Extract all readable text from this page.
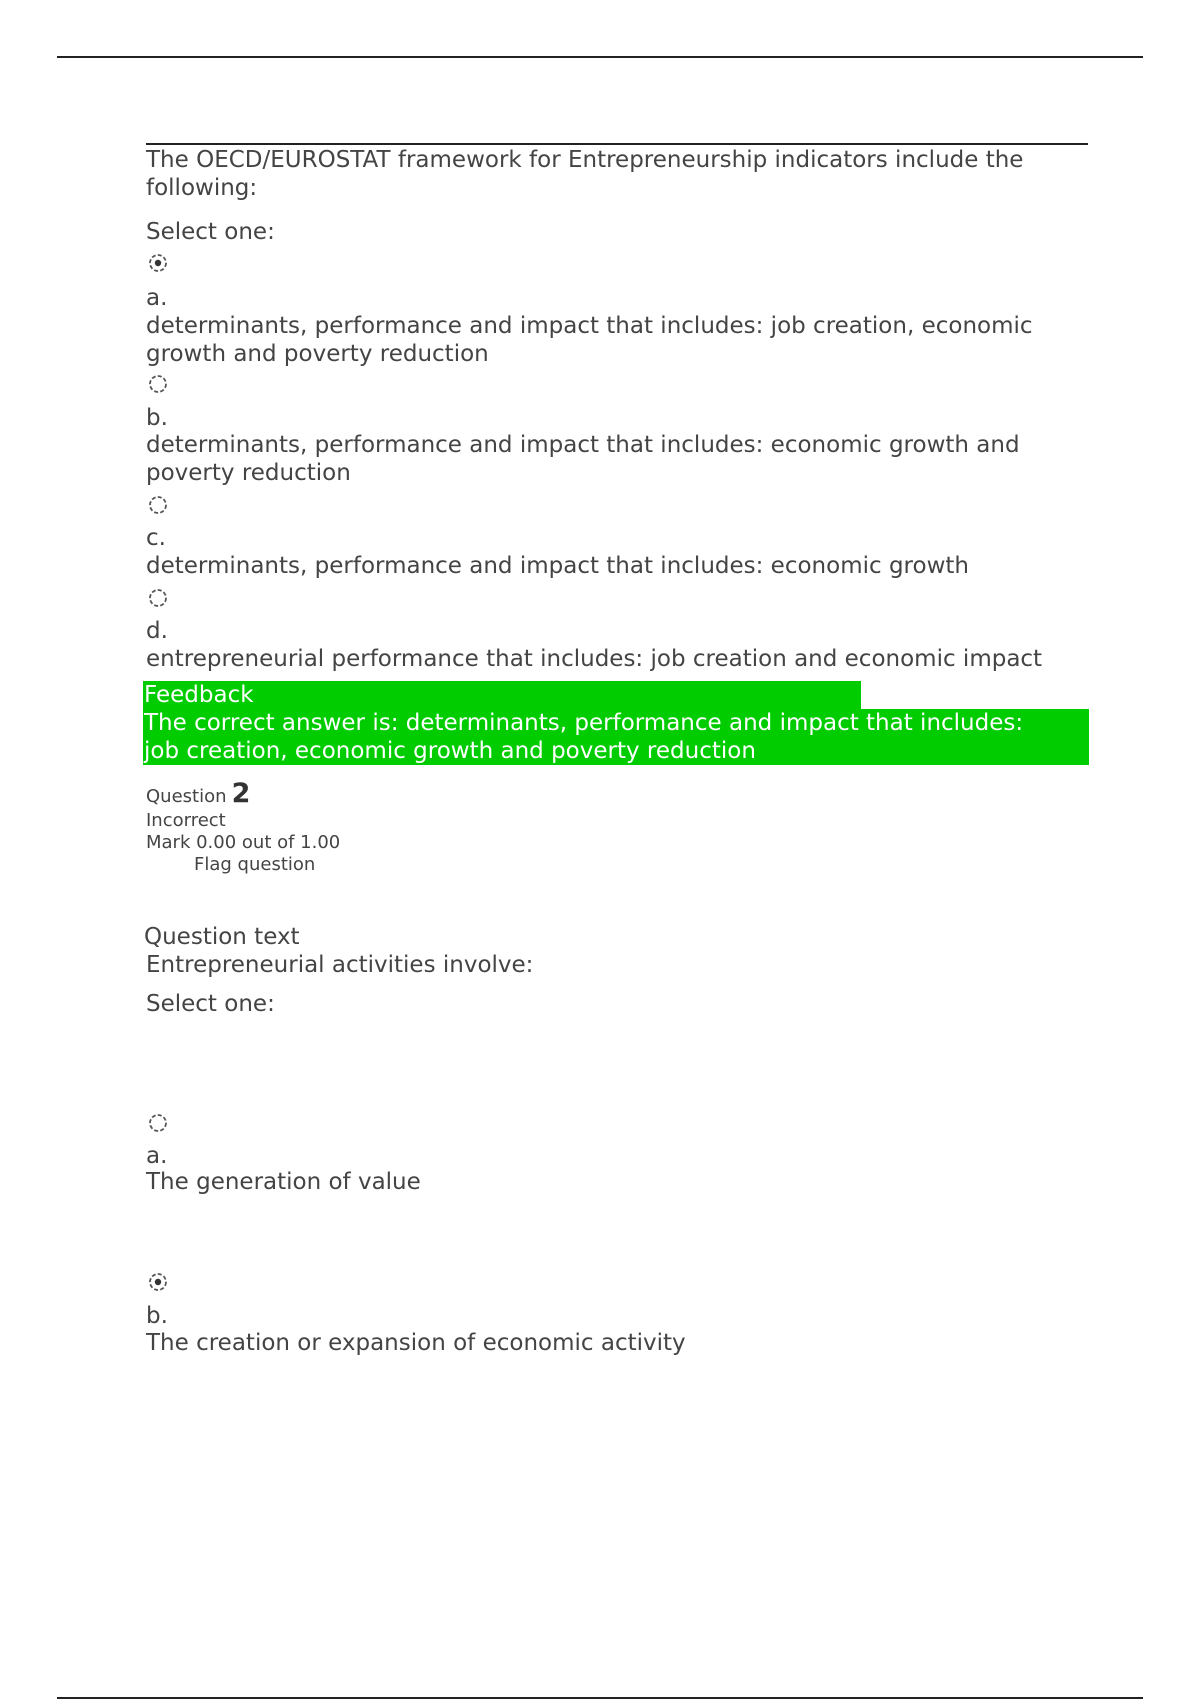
The OECD/EUROSTAT framework for Entrepreneurship indicators include the
following:
Select one:
a.
determinants, performance and impact that includes: job creation, economic
growth and poverty reduction
b.
determinants, performance and impact that includes: economic growth and
poverty reduction
c.
determinants, performance and impact that includes: economic growth
d.
entrepreneurial performance that includes: job creation and economic impact
Feedback
The correct answer is: determinants, performance and impact that includes:
job creation, economic growth and poverty reduction
Question 2
Incorrect
Mark 0.00 out of 1.00
Flag question
Question text
Entrepreneurial activities involve:
Select one:
a.
The generation of value
b.
The creation or expansion of economic activity
